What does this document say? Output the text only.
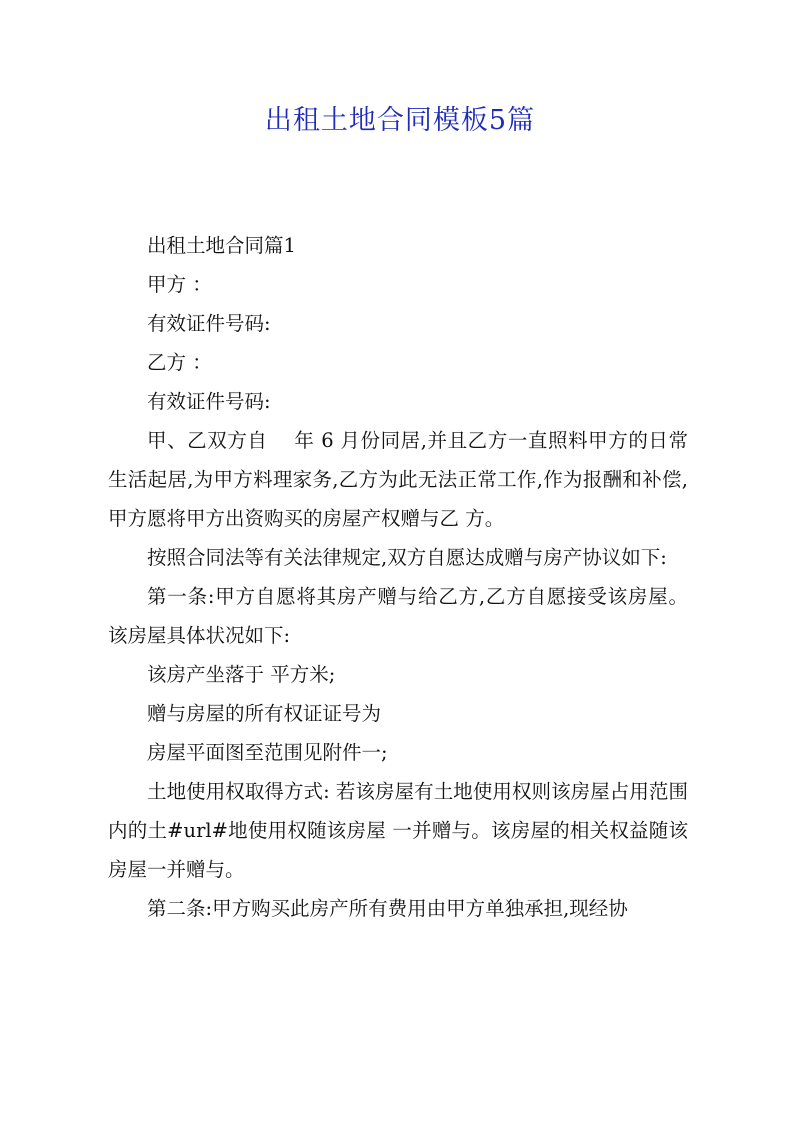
出租土地合同模板5篇

出租土地合同篇1

甲方 ：

有效证件号码:

乙方 ：

有效证件号码:

甲、乙双方自　 年 6 月份同居,并且乙方一直照料甲方的日常生活起居,为甲方料理家务,乙方为此无法正常工作,作为报酬和补偿,甲方愿将甲方出资购买的房屋产权赠与乙 方。

按照合同法等有关法律规定,双方自愿达成赠与房产协议如下:

第一条:甲方自愿将其房产赠与给乙方,乙方自愿接受该房屋。 该房屋具体状况如下:

该房产坐落于 平方米;

赠与房屋的所有权证证号为

房屋平面图至范围见附件一;

土地使用权取得方式: 若该房屋有土地使用权则该房屋占用范围内的土#url#地使用权随该房屋 一并赠与。该房屋的相关权益随该房屋一并赠与。

第二条:甲方购买此房产所有费用由甲方单独承担,现经协
